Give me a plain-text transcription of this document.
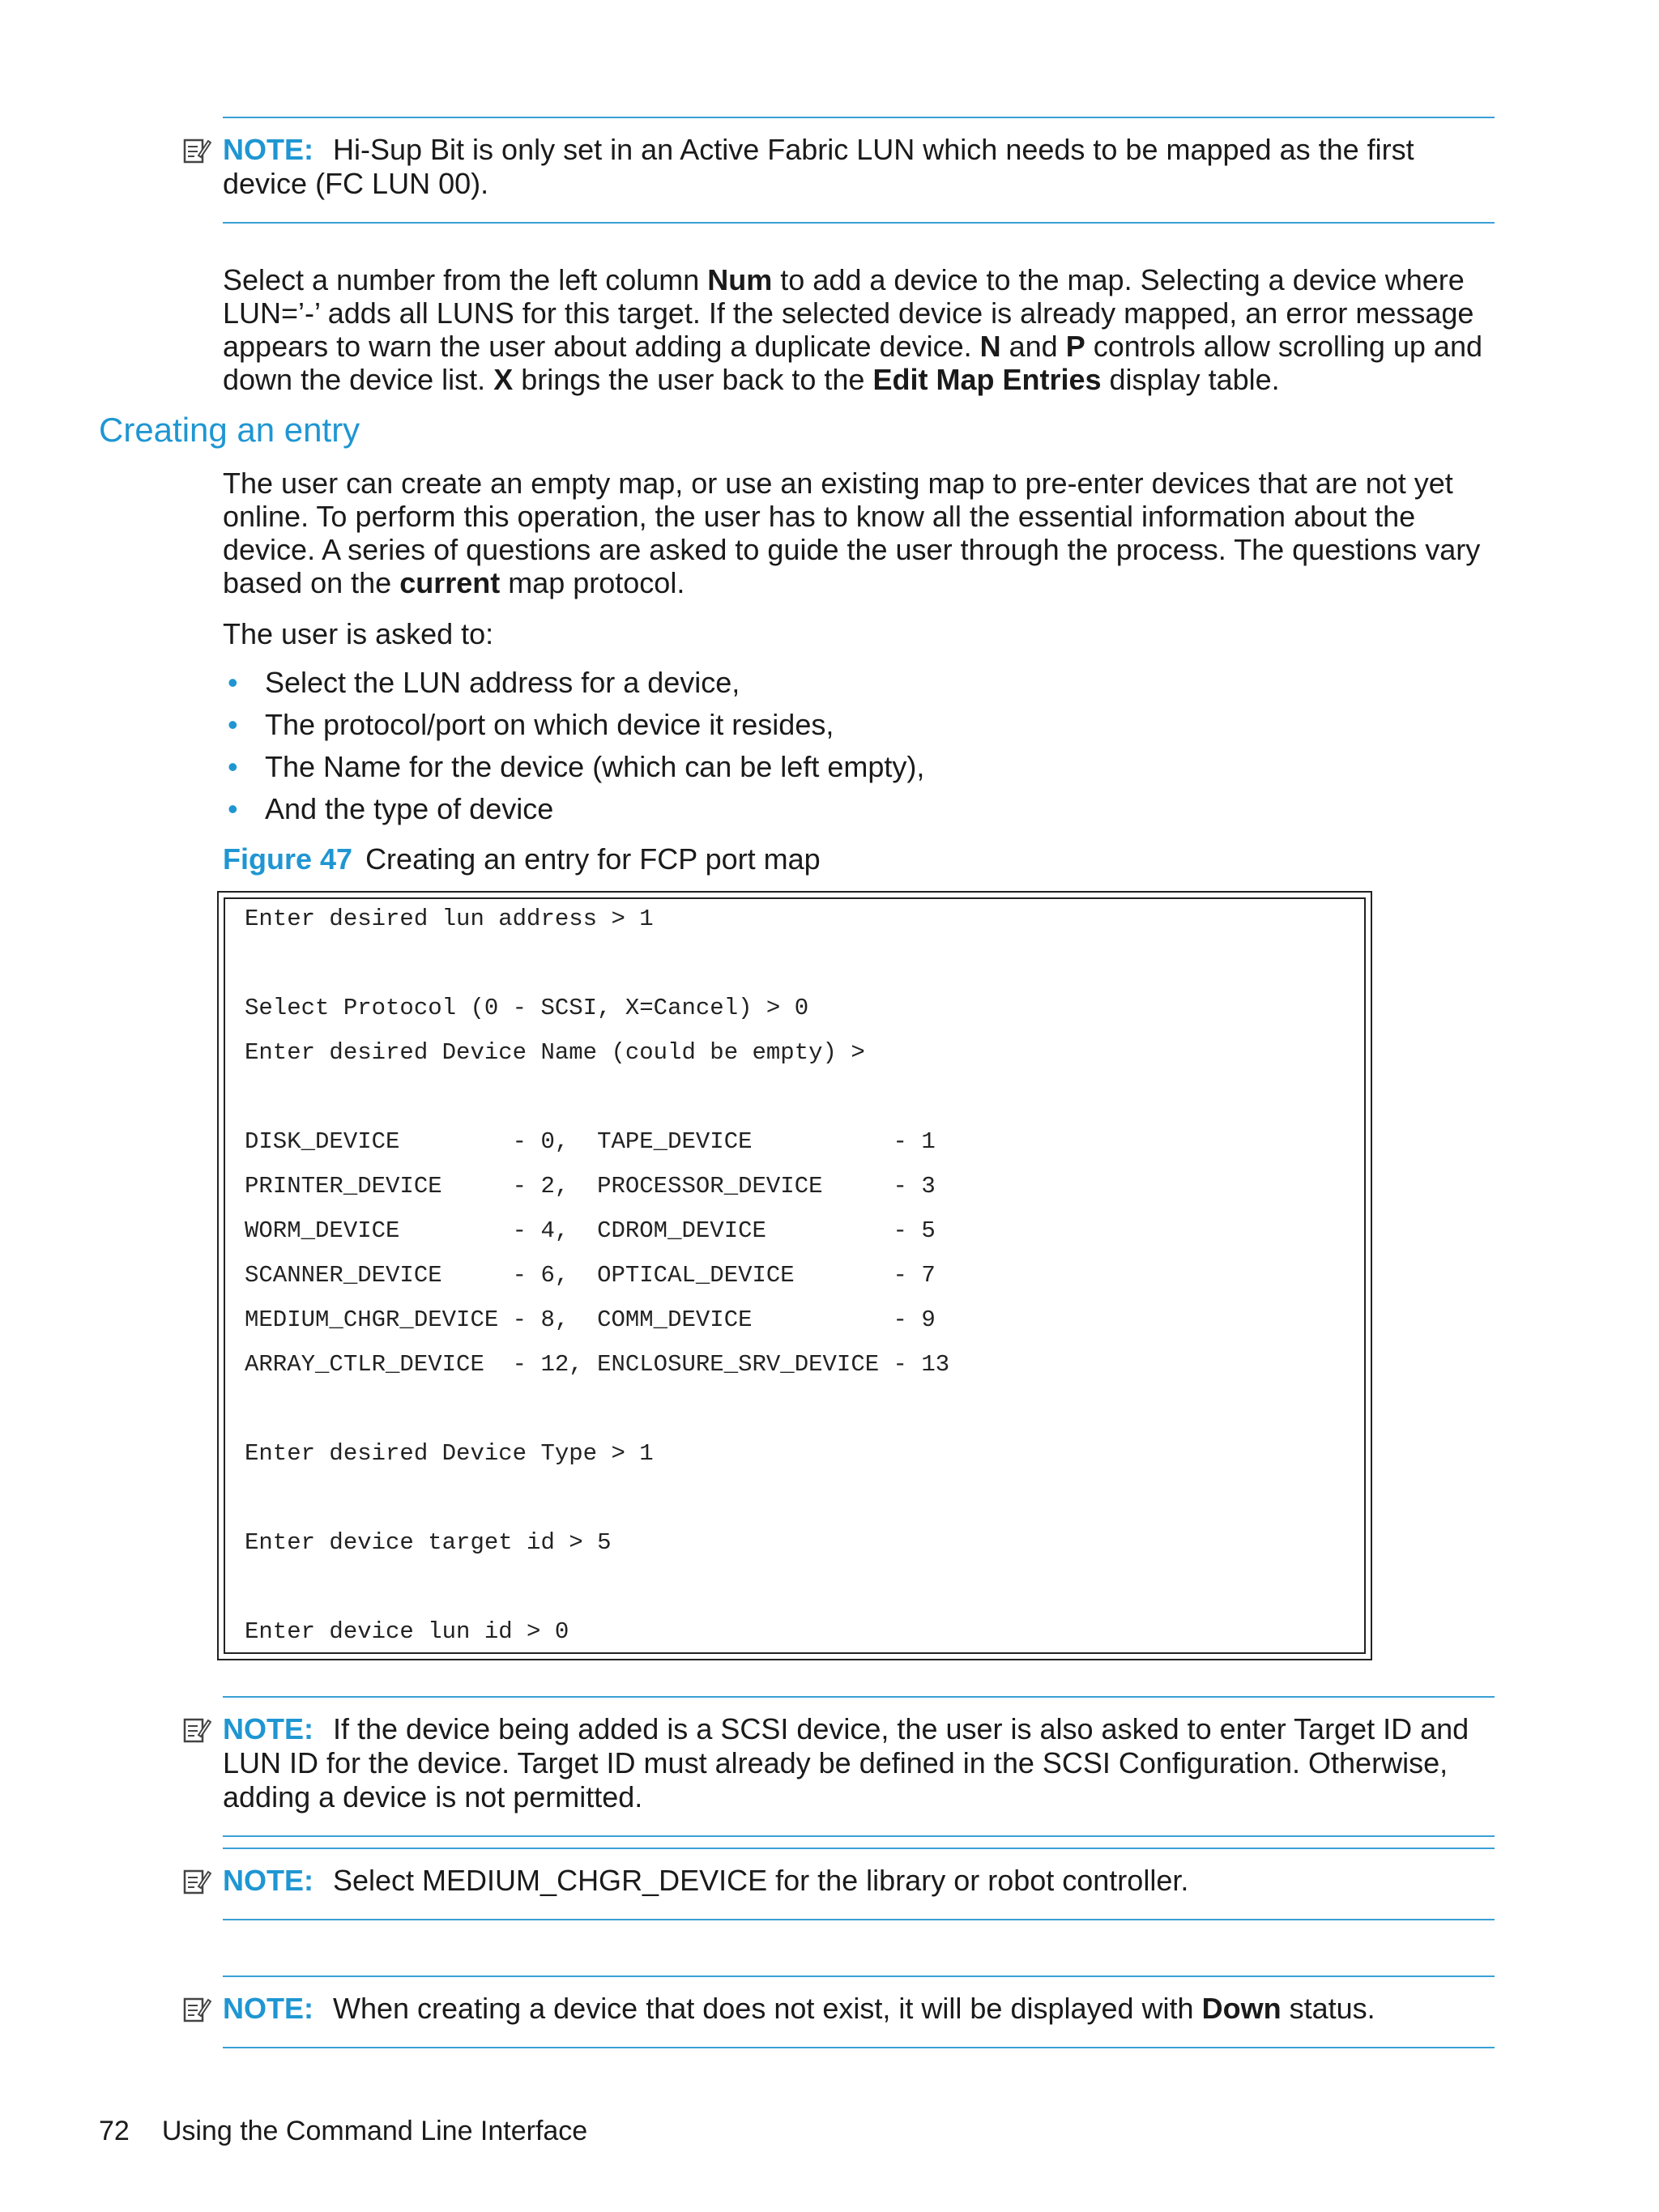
NOTE: Hi-Sup Bit is only set in an Active Fabric LUN which needs to be mapped as the first device (FC LUN 00).
Select a number from the left column Num to add a device to the map. Selecting a device where LUN=’-’ adds all LUNS for this target. If the selected device is already mapped, an error message appears to warn the user about adding a duplicate device. N and P controls allow scrolling up and down the device list. X brings the user back to the Edit Map Entries display table.
Creating an entry
The user can create an empty map, or use an existing map to pre-enter devices that are not yet online. To perform this operation, the user has to know all the essential information about the device. A series of questions are asked to guide the user through the process. The questions vary based on the current map protocol.
The user is asked to:
• Select the LUN address for a device,
• The protocol/port on which device it resides,
• The Name for the device (which can be left empty),
• And the type of device
Figure 47 Creating an entry for FCP port map
Enter desired lun address > 1
Select Protocol (0 - SCSI, X=Cancel) > 0
Enter desired Device Name (could be empty) >
DISK_DEVICE        - 0,  TAPE_DEVICE          - 1
PRINTER_DEVICE     - 2,  PROCESSOR_DEVICE     - 3
WORM_DEVICE        - 4,  CDROM_DEVICE         - 5
SCANNER_DEVICE     - 6,  OPTICAL_DEVICE       - 7
MEDIUM_CHGR_DEVICE - 8,  COMM_DEVICE          - 9
ARRAY_CTLR_DEVICE  - 12, ENCLOSURE_SRV_DEVICE - 13
Enter desired Device Type > 1
Enter device target id > 5
Enter device lun id > 0
NOTE: If the device being added is a SCSI device, the user is also asked to enter Target ID and LUN ID for the device. Target ID must already be defined in the SCSI Configuration. Otherwise, adding a device is not permitted.
NOTE: Select MEDIUM_CHGR_DEVICE for the library or robot controller.
NOTE: When creating a device that does not exist, it will be displayed with Down status.
72 Using the Command Line Interface
